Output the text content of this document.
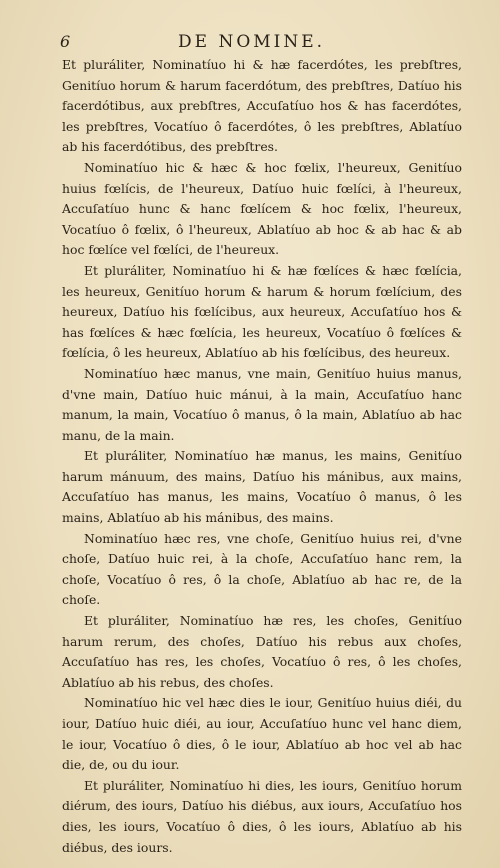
6	DE NOMINE.

Et pluráliter, Nominatíuo hi & hæ facerdótes, les prebſtres, Genitíuo horum & harum facerdótum, des prebſtres, Datíuo his facerdótibus, aux prebſtres, Accuſatíuo hos & has facerdótes, les prebſtres, Vocatíuo ô facerdótes, ô les prebſtres, Ablatíuo ab his facerdótibus, des prebſtres.

Nominatíuo hic & hæc & hoc fœlix, l'heureux, Genitíuo huius fœlícis, de l'heureux, Datíuo huic fœlíci, à l'heureux, Accuſatíuo hunc & hanc fœlícem & hoc fœlix, l'heureux, Vocatíuo ô fœlix, ô l'heureux, Ablatíuo ab hoc & ab hac & ab hoc fœlíce vel fœlíci, de l'heureux.

Et pluráliter, Nominatíuo hi & hæ fœlíces & hæc fœlícia, les heureux, Genitíuo horum & harum & horum fœlícium, des heureux, Datíuo his fœlícibus, aux heureux, Accuſatíuo hos & has fœlíces & hæc fœlícia, les heureux, Vocatíuo ô fœlíces & fœlícia, ô les heureux, Ablatíuo ab his fœlícibus, des heureux.

Nominatíuo hæc manus, vne main, Genitíuo huius manus, d'vne main, Datíuo huic mánui, à la main, Accuſatíuo hanc manum, la main, Vocatíuo ô manus, ô la main, Ablatíuo ab hac manu, de la main.

Et pluráliter, Nominatíuo hæ manus, les mains, Genitíuo harum mánuum, des mains, Datíuo his mánibus, aux mains, Accuſatíuo has manus, les mains, Vocatíuo ô manus, ô les mains, Ablatíuo ab his mánibus, des mains.

Nominatíuo hæc res, vne choſe, Genitíuo huius rei, d'vne choſe, Datíuo huic rei, à la choſe, Accuſatíuo hanc rem, la choſe, Vocatíuo ô res, ô la choſe, Ablatíuo ab hac re, de la choſe.

Et pluráliter, Nominatíuo hæ res, les choſes, Genitíuo harum rerum, des choſes, Datíuo his rebus aux choſes, Accuſatíuo has res, les choſes, Vocatíuo ô res, ô les choſes, Ablatíuo ab his rebus, des choſes.

Nominatíuo hic vel hæc dies le iour, Genitíuo huius diéi, du iour, Datíuo huic diéi, au iour, Accuſatíuo hunc vel hanc diem, le iour, Vocatíuo ô dies, ô le iour, Ablatíuo ab hoc vel ab hac die, de, ou du iour.

Et pluráliter, Nominatíuo hi dies, les iours, Genitíuo horum diérum, des iours, Datíuo his diébus, aux iours, Accuſatíuo hos dies, les iours, Vocatíuo ô dies, ô les iours, Ablatíuo ab his diébus, des iours.
